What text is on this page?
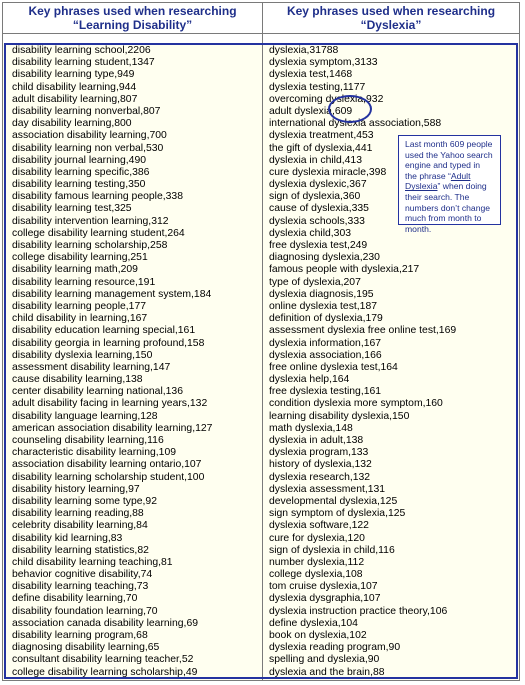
Key phrases used when researching
“Learning Disability”
Key phrases used when researching
“Dyslexia”
disability learning school,2206
disability learning student,1347
disability learning type,949
child disability learning,944
adult disability learning,807
disability learning nonverbal,807
day disability learning,800
association disability learning,700
disability learning non verbal,530
disability journal learning,490
disability learning specific,386
disability learning testing,350
disability famous learning people,338
disability learning test,325
disability intervention learning,312
college disability learning student,264
disability learning scholarship,258
college disability learning,251
disability learning math,209
disability learning resource,191
disability learning management system,184
disability learning people,177
child disability in learning,167
disability education learning special,161
disability georgia in learning profound,158
disability dyslexia learning,150
assessment disability learning,147
cause disability learning,138
center disability learning national,136
adult disability facing in learning years,132
disability language learning,128
american association disability learning,127
counseling disability learning,116
characteristic disability learning,109
association disability learning ontario,107
disability learning scholarship student,100
disability history learning,97
disability learning some type,92
disability learning reading,88
celebrity disability learning,84
disability kid learning,83
disability learning statistics,82
child disability learning teaching,81
behavior cognitive disability,74
disability learning teaching,73
define disability learning,70
disability foundation learning,70
association canada disability learning,69
disability learning program,68
diagnosing disability learning,65
consultant disability learning teacher,52
college disability learning scholarship,49
dyslexia,31788
dyslexia symptom,3133
dyslexia test,1468
dyslexia testing,1177
overcoming dyslexia,932
adult dyslexia,609
international dyslexia association,588
dyslexia treatment,453
the gift of dyslexia,441
dyslexia in child,413
cure dyslexia miracle,398
dyslexia dyslexic,367
sign of dyslexia,360
cause of dyslexia,335
dyslexia schools,333
dyslexia child,303
free dyslexia test,249
diagnosing dyslexia,230
famous people with dyslexia,217
type of dyslexia,207
dyslexia diagnosis,195
online dyslexia test,187
definition of dyslexia,179
assessment dyslexia free online test,169
dyslexia information,167
dyslexia association,166
free online dyslexia test,164
dyslexia help,164
free dyslexia testing,161
condition dyslexia more symptom,160
learning disability dyslexia,150
math dyslexia,148
dyslexia in adult,138
dyslexia program,133
history of dyslexia,132
dyslexia research,132
dyslexia assessment,131
developmental dyslexia,125
sign symptom of dyslexia,125
dyslexia software,122
cure for dyslexia,120
sign of dyslexia in child,116
number dyslexia,112
college dyslexia,108
tom cruise dyslexia,107
dyslexia dysgraphia,107
dyslexia instruction practice theory,106
define dyslexia,104
book on dyslexia,102
dyslexia reading program,90
spelling and dyslexia,90
dyslexia and the brain,88
Last month 609 people used the Yahoo search engine and typed in the phrase “Adult Dyslexia” when doing their search. The numbers don’t change much from month to month.
